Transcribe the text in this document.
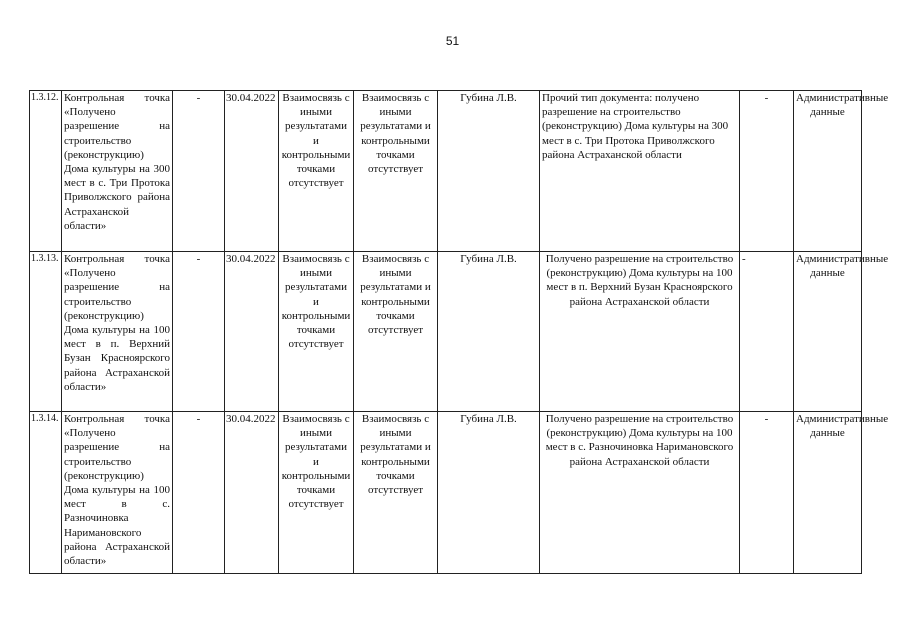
51
1.3.12.	Контрольная точка «Получено разрешение на строительство (реконструкцию) Дома культуры на 300 мест в с. Три Протока Приволжского района Астраханской области»	-	30.04.2022	Взаимосвязь с иными результатами и контрольными точками отсутствует	Взаимосвязь с иными результатами и контрольными точками отсутствует	Губина Л.В.	Прочий тип документа: получено разрешение на строительство (реконструкцию) Дома культуры на 300 мест в с. Три Протока Приволжского района Астраханской области	-	Административные данные
1.3.13.	Контрольная точка «Получено разрешение на строительство (реконструкцию) Дома культуры на 100 мест в п. Верхний Бузан Красноярского района Астраханской области»	-	30.04.2022	Взаимосвязь с иными результатами и контрольными точками отсутствует	Взаимосвязь с иными результатами и контрольными точками отсутствует	Губина Л.В.	Получено разрешение на строительство (реконструкцию) Дома культуры на 100 мест в п. Верхний Бузан Красноярского района Астраханской области	-	Административные данные
1.3.14.	Контрольная точка «Получено разрешение на строительство (реконструкцию) Дома культуры на 100 мест в с. Разночиновка Наримановского района Астраханской области»	-	30.04.2022	Взаимосвязь с иными результатами и контрольными точками отсутствует	Взаимосвязь с иными результатами и контрольными точками отсутствует	Губина Л.В.	Получено разрешение на строительство (реконструкцию) Дома культуры на 100 мест в с. Разночиновка Наримановского района Астраханской области	-	Административные данные
